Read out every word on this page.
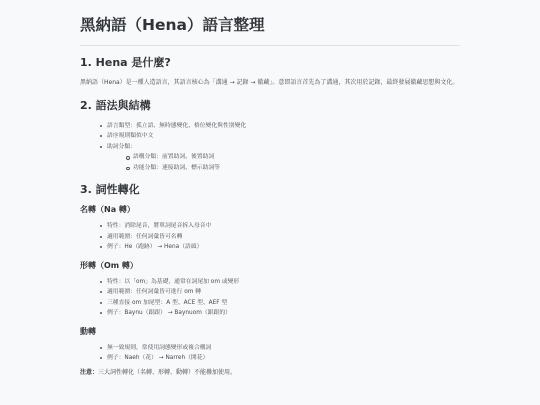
黑納語（Hena）語言整理
1. Hena 是什麼?

黑納語（Hena）是一種人造語言，其語言核心為「溝通 → 記錄 → 徹藏」。意即語言首先為了溝通，其次用於記錄，最終發展徹藏思想與文化。

2. 語法與結構
語言類型：孤立語、無時態變化、格位變化與性別變化
語序規則類似中文
助詞分類：
語構分類：前置助詞、後置助詞
功能分類：連接助詞、標示助詞等
3. 詞性轉化
名轉（Na 轉）
特性：消除尾音，將單詞尾音拆入母音中
適用範圍：任何詞彙皆可名轉
例子：He（跑跡） → Hena（語頭）
形轉（Om 轉）
特性：以「om」為基礎，通常在詞尾加 om 或變形
適用範圍：任何詞彙皆可進行 om 轉
三種直接 om 加尾型：A 型、ACE 型、AEF 型
例子：Baynu（跟跟） → Baynuom（跟跟的）
動轉
無一致規則，常使用詞態變形或複合構詞
例子：Naeh（花） → Narreh（開花）
注意：三大詞性轉化（名轉、形轉、動轉）不能疊加使用。
